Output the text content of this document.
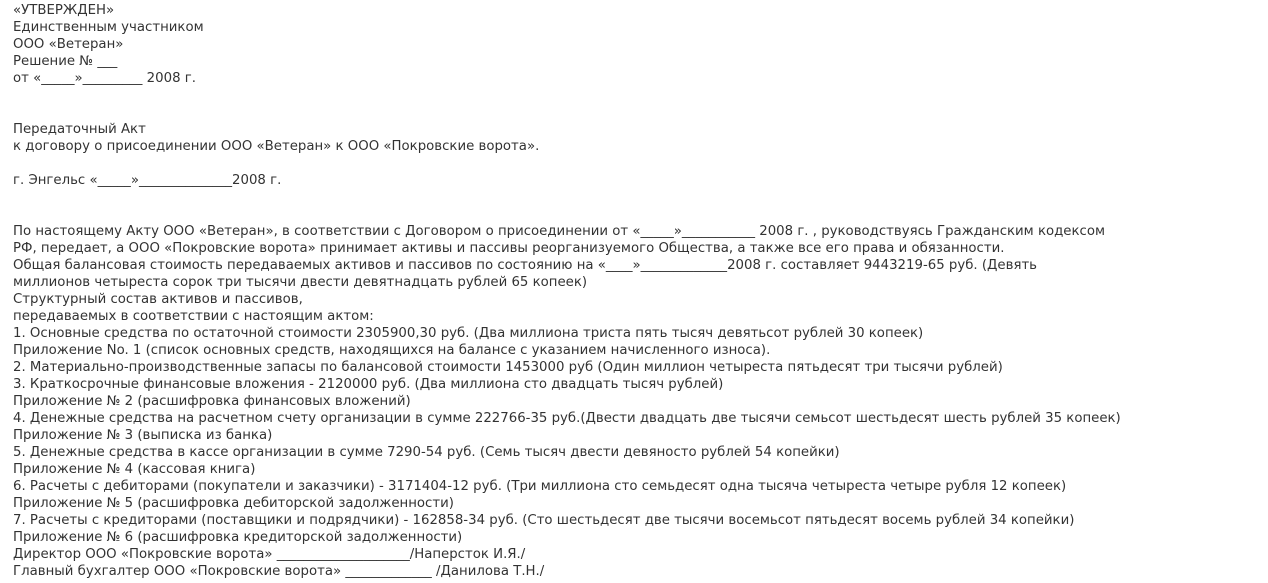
«УТВЕРЖДЕН»
Единственным участником
ООО «Ветеран»
Решение № ___
от «_____»_________ 2008 г.
Передаточный Акт
к договору о присоединении ООО «Ветеран» к ООО «Покровские ворота».
г. Энгельс «_____»______________2008 г.
По настоящему Акту ООО «Ветеран», в соответствии с Договором о присоединении от «_____»___________ 2008 г. , руководствуясь Гражданским кодексом
РФ, передает, а ООО «Покровские ворота» принимает активы и пассивы реорганизуемого Общества, а также все его права и обязанности.
Общая балансовая стоимость передаваемых активов и пассивов по состоянию на «____»_____________2008 г. составляет 9443219-65 руб. (Девять
миллионов четыреста сорок три тысячи двести девятнадцать рублей 65 копеек)
Структурный состав активов и пассивов,
передаваемых в соответствии с настоящим актом:
1. Основные средства по остаточной стоимости 2305900,30 руб. (Два миллиона триста пять тысяч девятьсот рублей 30 копеек)
Приложение No. 1 (список основных средств, находящихся на балансе с указанием начисленного износа).
2. Материально-производственные запасы по балансовой стоимости 1453000 руб (Один миллион четыреста пятьдесят три тысячи рублей)
3. Краткосрочные финансовые вложения - 2120000 руб. (Два миллиона сто двадцать тысяч рублей)
Приложение № 2 (расшифровка финансовых вложений)
4. Денежные средства на расчетном счету организации в сумме 222766-35 руб.(Двести двадцать две тысячи семьсот шестьдесят шесть рублей 35 копеек)
Приложение № 3 (выписка из банка)
5. Денежные средства в кассе организации в сумме 7290-54 руб. (Семь тысяч двести девяносто рублей 54 копейки)
Приложение № 4 (кассовая книга)
6. Расчеты с дебиторами (покупатели и заказчики) - 3171404-12 руб. (Три миллиона сто семьдесят одна тысяча четыреста четыре рубля 12 копеек)
Приложение № 5 (расшифровка дебиторской задолженности)
7. Расчеты с кредиторами (поставщики и подрядчики) - 162858-34 руб. (Сто шестьдесят две тысячи восемьсот пятьдесят восемь рублей 34 копейки)
Приложение № 6 (расшифровка кредиторской задолженности)
Директор ООО «Покровские ворота» ____________________/Наперсток И.Я./
Главный бухгалтер ООО «Покровские ворота» _____________ /Данилова Т.Н./
